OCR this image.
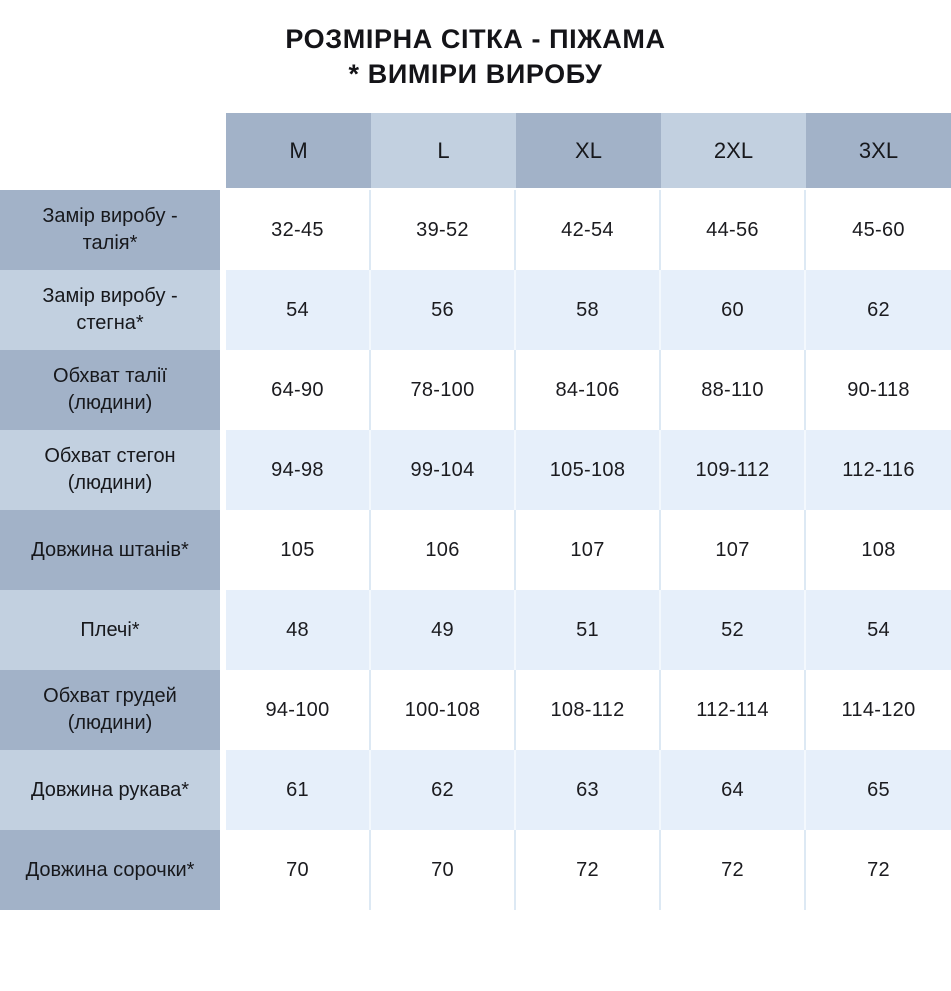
РОЗМІРНА СІТКА - ПІЖАМА
* ВИМІРИ ВИРОБУ
M	L	XL	2XL	3XL
Замір виробу - талія*
32-45	39-52	42-54	44-56	45-60
Замір виробу - стегна*
54	56	58	60	62
Обхват талії (людини)
64-90	78-100	84-106	88-110	90-118
Обхват стегон (людини)
94-98	99-104	105-108	109-112	112-116
Довжина штанів*	105	106	107	107	108
Плечі*	48	49	51	52	54
Обхват грудей (людини)
94-100	100-108	108-112	112-114	114-120
Довжина рукава*	61	62	63	64	65
Довжина сорочки*	70	70	72	72	72
